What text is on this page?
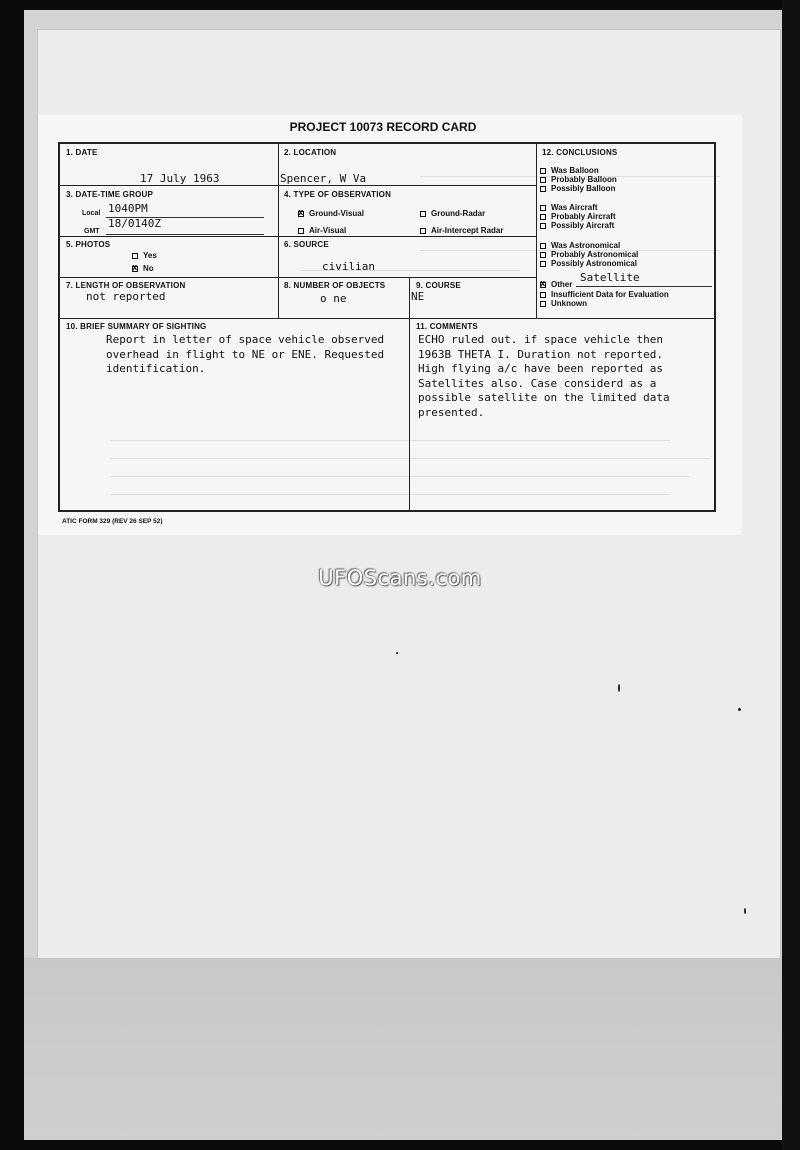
PROJECT 10073 RECORD CARD
1. DATE
17 July 1963
2. LOCATION
Spencer, W Va
3. DATE-TIME GROUP
Local 1040PM
GMT
18/0140Z
4. TYPE OF OBSERVATION
xGround-Visual	Ground-Radar
Air-Visual	Air-Intercept Radar
5. PHOTOS
Yes
xNo
6. SOURCE
civilian
7. LENGTH OF OBSERVATION
not reported
8. NUMBER OF OBJECTS
o ne
9. COURSE
NE
10. BRIEF SUMMARY OF SIGHTING
Report in letter of space vehicle observed
overhead in flight to NE or ENE. Requested
identification.
11. COMMENTS
ECHO ruled out. if space vehicle then
1963B THETA I. Duration not reported.
High flying a/c have been reported as
Satellites also. Case considerd as a
possible satellite on the limited data
presented.
12. CONCLUSIONS
Was Balloon
Probably Balloon
Possibly Balloon
Was Aircraft
Probably Aircraft
Possibly Aircraft
Was Astronomical
Probably Astronomical
Possibly Astronomical
xOther
Satellite
Insufficient Data for Evaluation
Unknown
ATIC FORM 329 (REV 26 SEP 52)
UFOScans.com
